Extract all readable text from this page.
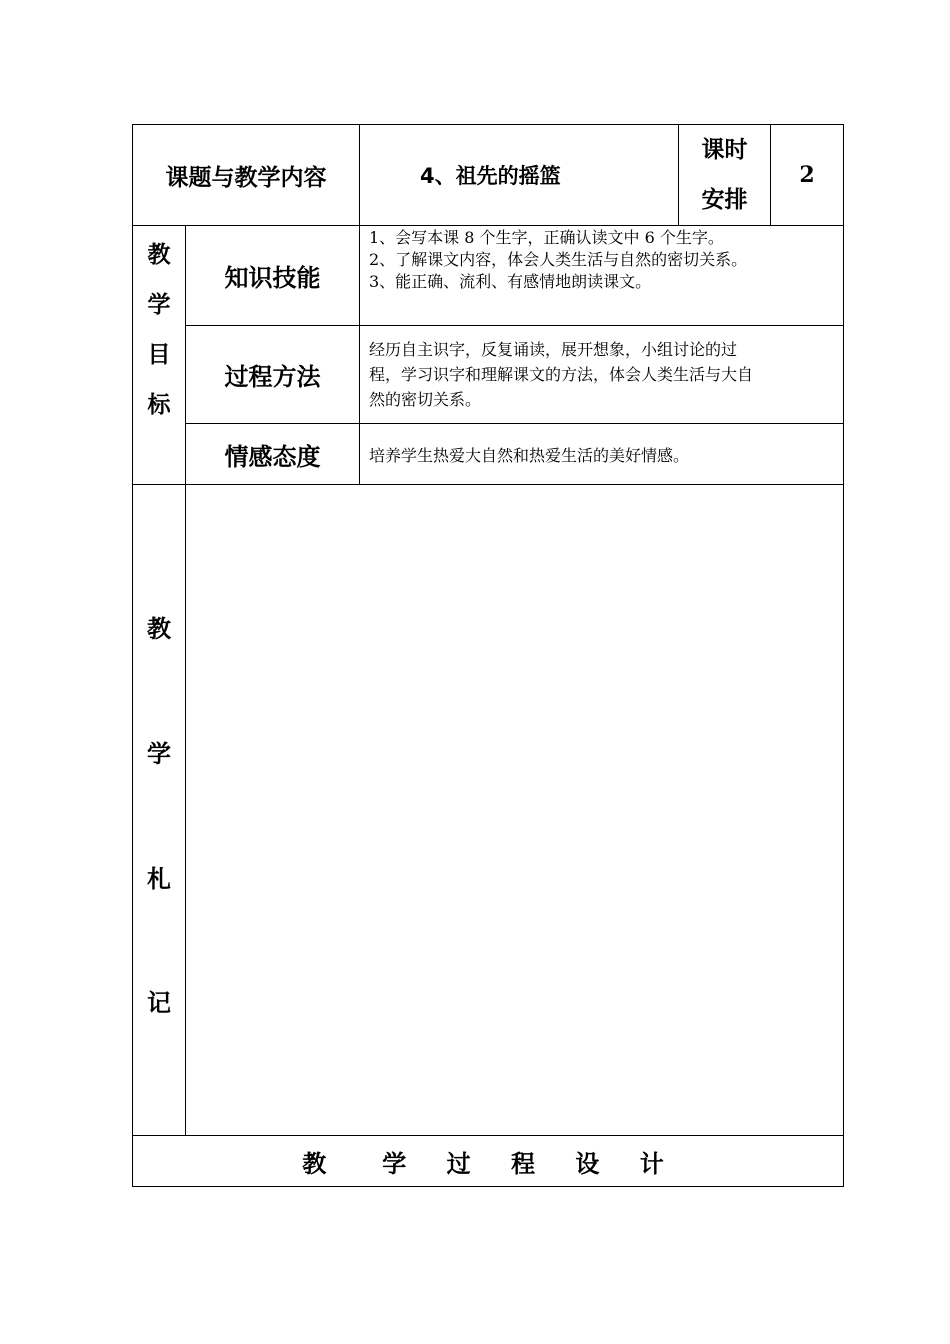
课题与教学内容	4、祖先的摇篮
课时
安排
2
教
学
目
标
知识技能
1、会写本课 8 个生字，正确认读文中 6 个生字。
2、了解课文内容，体会人类生活与自然的密切关系。
3、能正确、流利、有感情地朗读课文。
过程方法
经历自主识字，反复诵读，展开想象，小组讨论的过
程，学习识字和理解课文的方法，体会人类生活与大自
然的密切关系。
情感态度	培养学生热爱大自然和热爱生活的美好情感。
教
学
札
记
教　学 过 程 设 计
